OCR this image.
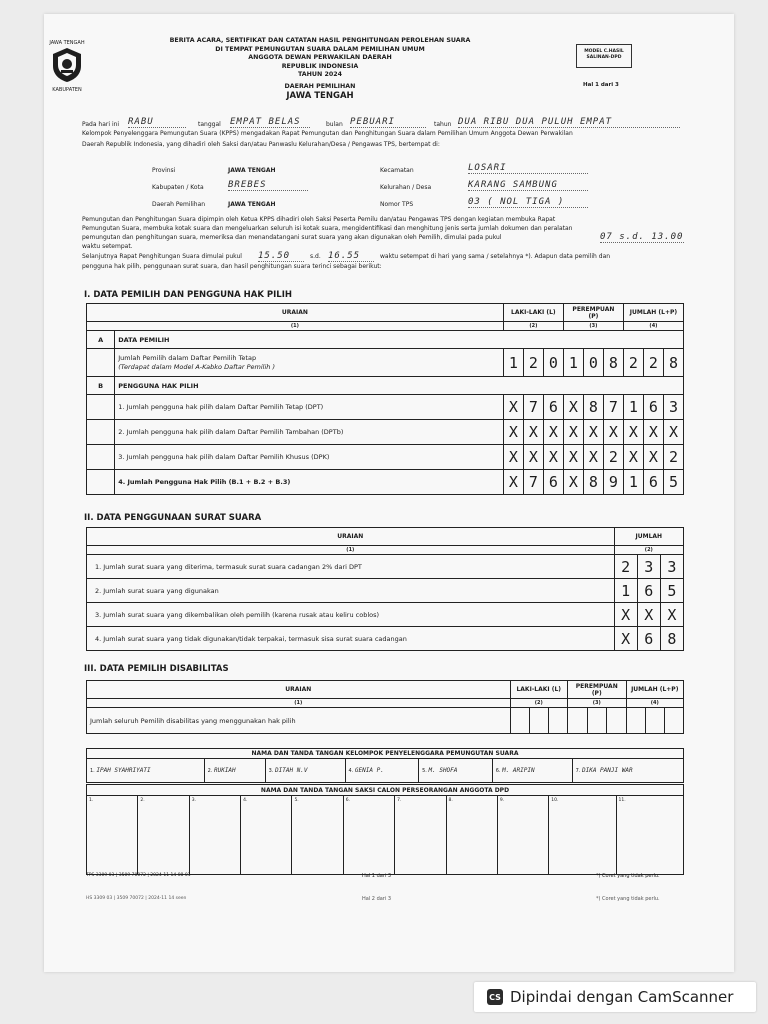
JAWA TENGAH
KABUPATEN
BERITA ACARA, SERTIFIKAT DAN CATATAN HASIL PENGHITUNGAN PEROLEHAN SUARA
DI TEMPAT PEMUNGUTAN SUARA DALAM PEMILIHAN UMUM
ANGGOTA DEWAN PERWAKILAN DAERAH
REPUBLIK INDONESIA
TAHUN 2024
DAERAH PEMILIHAN
JAWA TENGAH
MODEL C.HASIL
SALINAN-DPD
Hal 1 dari 3
Pada hari ini RABU	tanggal EMPAT BELAS	bulan PEBUARI	tahun DUA RIBU DUA PULUH EMPAT
Kelompok Penyelenggara Pemungutan Suara (KPPS) mengadakan Rapat Pemungutan dan Penghitungan Suara dalam Pemilihan Umum Anggota Dewan Perwakilan
Daerah Republik Indonesia, yang dihadiri oleh Saksi dan/atau Panwaslu Kelurahan/Desa / Pengawas TPS, bertempat di:
Provinsi	JAWA TENGAH
Kabupaten / Kota	BREBES
Daerah Pemilihan	JAWA TENGAH
Kecamatan	LOSARI
Kelurahan / Desa	KARANG SAMBUNG
Nomor TPS	03 ( NOL TIGA )
Pemungutan dan Penghitungan Suara dipimpin oleh Ketua KPPS dihadiri oleh Saksi Peserta Pemilu dan/atau Pengawas TPS dengan kegiatan membuka Rapat
Pemungutan Suara, membuka kotak suara dan mengeluarkan seluruh isi kotak suara, mengidentifikasi dan menghitung jenis serta jumlah dokumen dan peralatan
pemungutan dan penghitungan suara, memeriksa dan menandatangani surat suara yang akan digunakan oleh Pemilih, dimulai pada pukul	07 s.d. 13.00
waktu setempat.
Selanjutnya Rapat Penghitungan Suara dimulai pukul 15.50	s.d. 16.55	waktu setempat di hari yang sama / setelahnya *). Adapun data pemilih dan
pengguna hak pilih, penggunaan surat suara, dan hasil penghitungan suara terinci sebagai berikut:
I. DATA PEMILIH DAN PENGGUNA HAK PILIH
URAIAN		LAKI-LAKI (L)			PEREMPUAN (P)			JUMLAH (L+P)		
(1)		(2)			(3)			(4)		
A	DATA PEMILIH									

	Jumlah Pemilih dalam Daftar Pemilih Tetap
(Terdapat dalam Model A-Kabko Daftar Pemilih )	1	2	0	1	0	8	2	2	8
B	PENGGUNA HAK PILIH									
	1. Jumlah pengguna hak pilih dalam Daftar Pemilih Tetap (DPT)	X	7	6	X	8	7	1	6	3
	2. Jumlah pengguna hak pilih dalam Daftar Pemilih Tambahan (DPTb)	X	X	X	X	X	X	X	X	X
	3. Jumlah pengguna hak pilih dalam Daftar Pemilih Khusus (DPK)	X	X	X	X	X	2	X	X	2
	4. Jumlah Pengguna Hak Pilih (B.1 + B.2 + B.3)	X	7	6	X	8	9	1	6	5
II. DATA PENGGUNAAN SURAT SUARA
URAIAN	JUMLAH		
(1)	(2)		
1. Jumlah surat suara yang diterima, termasuk surat suara cadangan 2% dari DPT	2	3	3
2. Jumlah surat suara yang digunakan	1	6	5
3. Jumlah surat suara yang dikembalikan oleh pemilih (karena rusak atau keliru coblos)	X	X	X
4. Jumlah surat suara yang tidak digunakan/tidak terpakai, termasuk sisa surat suara cadangan	X	6	8
III. DATA PEMILIH DISABILITAS
URAIAN	LAKI-LAKI (L)			PEREMPUAN (P)			JUMLAH (L+P)		
(1)	(2)			(3)			(4)		
Jumlah seluruh Pemilih disabilitas yang menggunakan hak pilih									
NAMA DAN TANDA TANGAN KELOMPOK PENYELENGGARA PEMUNGUTAN SUARA
1. IPAH SYAHRIYATI	2. RUKIAH	3. DITAH N.V	4. GENIA P.	5. M. SHOFA	6. M. ARIPIN	7. DIKA PANJI WAR
NAMA DAN TANDA TANGAN SAKSI CALON PERSEORANGAN ANGGOTA DPD
1.	2.	3.	4.	5.	6.	7.	8.	9.	10.	11.
TPS 3309 03 | 3509 70072 | 2024-11 14 08 01	Hal 1 dari 3	*) Coret yang tidak perlu.
HS 3309 03 | 3509 70072 | 2024-11 14 seen	Hal 2 dari 3	*) Coret yang tidak perlu.
CS Dipindai dengan CamScanner
